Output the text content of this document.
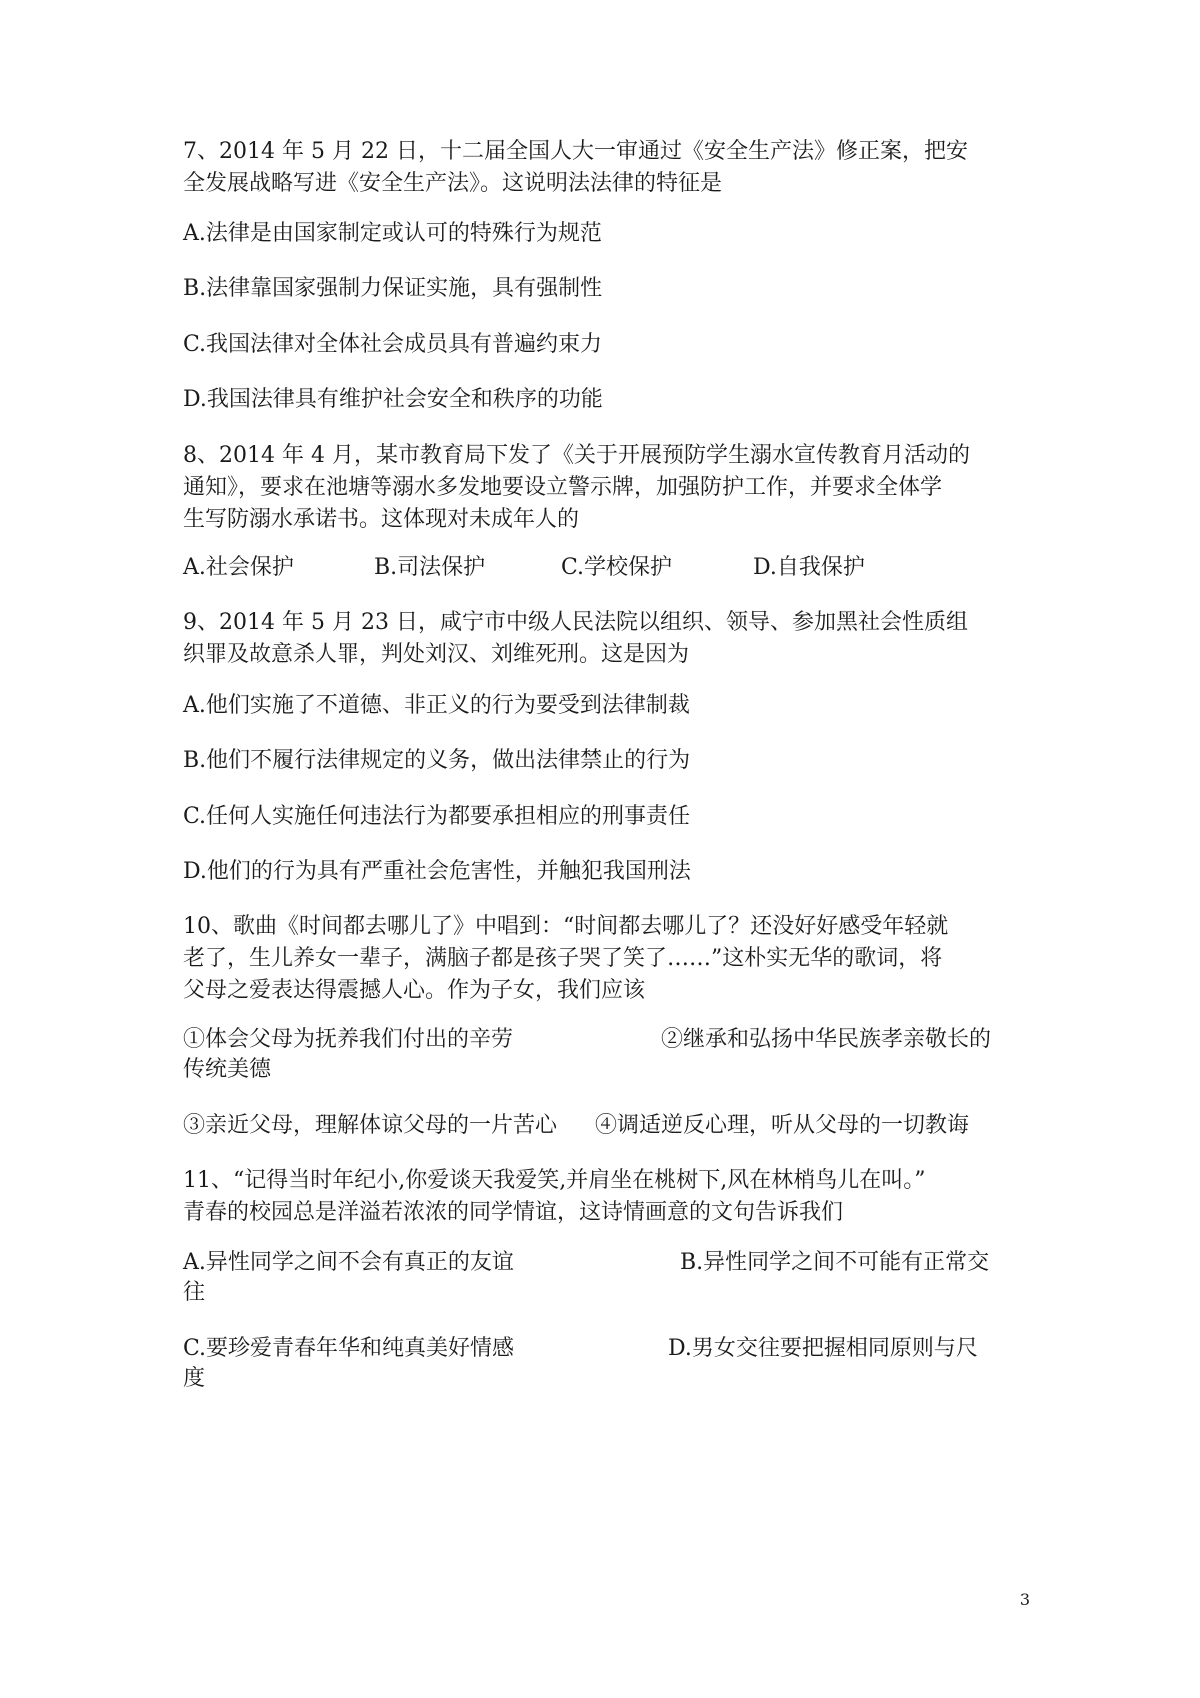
7、2014 年 5 月 22 日，十二届全国人大一审通过《安全生产法》修正案，把安
全发展战略写进《安全生产法》。这说明法法律的特征是
A.法律是由国家制定或认可的特殊行为规范
B.法律靠国家强制力保证实施，具有强制性
C.我国法律对全体社会成员具有普遍约束力
D.我国法律具有维护社会安全和秩序的功能
8、2014 年 4 月，某市教育局下发了《关于开展预防学生溺水宣传教育月活动的
通知》，要求在池塘等溺水多发地要设立警示牌，加强防护工作，并要求全体学
生写防溺水承诺书。这体现对未成年人的
A.社会保护	B.司法保护	C.学校保护	D.自我保护
9、2014 年 5 月 23 日，咸宁市中级人民法院以组织、领导、参加黑社会性质组
织罪及故意杀人罪，判处刘汉、刘维死刑。这是因为
A.他们实施了不道德、非正义的行为要受到法律制裁
B.他们不履行法律规定的义务，做出法律禁止的行为
C.任何人实施任何违法行为都要承担相应的刑事责任
D.他们的行为具有严重社会危害性，并触犯我国刑法
10、歌曲《时间都去哪儿了》中唱到：“时间都去哪儿了？还没好好感受年轻就
老了，生儿养女一辈子，满脑子都是孩子哭了笑了……”这朴实无华的歌词，将
父母之爱表达得震撼人心。作为子女，我们应该
①体会父母为抚养我们付出的辛劳	②继承和弘扬中华民族孝亲敬长的
传统美德
③亲近父母，理解体谅父母的一片苦心 ④调适逆反心理，听从父母的一切教诲
11、“记得当时年纪小,你爱谈天我爱笑,并肩坐在桃树下,风在林梢鸟儿在叫。”
青春的校园总是洋溢若浓浓的同学情谊，这诗情画意的文句告诉我们
A.异性同学之间不会有真正的友谊	B.异性同学之间不可能有正常交
往
C.要珍爱青春年华和纯真美好情感	D.男女交往要把握相同原则与尺
度
3
